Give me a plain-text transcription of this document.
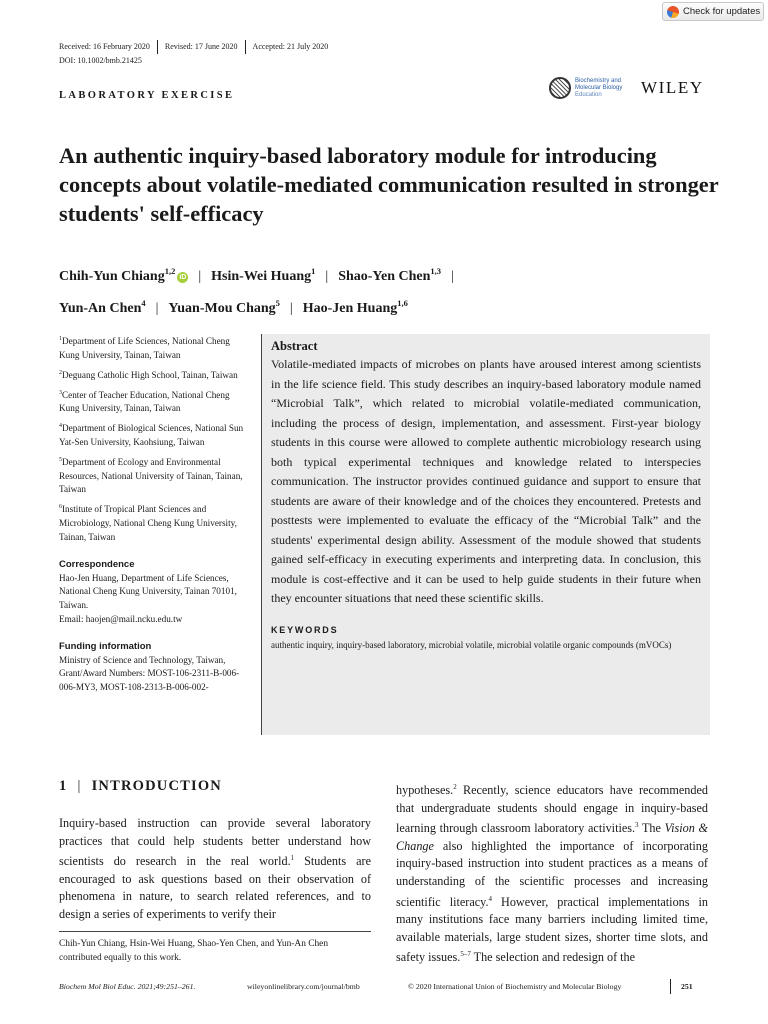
Check for updates
Received: 16 February 2020 Revised: 17 June 2020 Accepted: 21 July 2020
DOI: 10.1002/bmb.21425
LABORATORY EXERCISE
Biochemistry and
Molecular Biology
Education	WILEY
An authentic inquiry-based laboratory module for introducing concepts about volatile-mediated communication resulted in stronger students' self-efficacy
Chih-Yun Chiang$^{1,2}$iD | Hsin-Wei Huang$^1$ | Shao-Yen Chen$^{1,3}$ |
Yun-An Chen$^4$ | Yuan-Mou Chang$^5$ | Hao-Jen Huang$^{1,6}$
$^1$Department of Life Sciences, National Cheng Kung University, Tainan, Taiwan
$^2$Deguang Catholic High School, Tainan, Taiwan
$^3$Center of Teacher Education, National Cheng Kung University, Tainan, Taiwan
$^4$Department of Biological Sciences, National Sun Yat-Sen University, Kaohsiung, Taiwan
$^5$Department of Ecology and Environmental Resources, National University of Tainan, Tainan, Taiwan
$^6$Institute of Tropical Plant Sciences and Microbiology, National Cheng Kung University, Tainan, Taiwan
Correspondence
Hao-Jen Huang, Department of Life Sciences, National Cheng Kung University, Tainan 70101, Taiwan.
Email: haojen@mail.ncku.edu.tw
Funding information
Ministry of Science and Technology, Taiwan, Grant/Award Numbers: MOST-106-2311-B-006-006-MY3, MOST-108-2313-B-006-002-
Abstract

Volatile-mediated impacts of microbes on plants have aroused interest among scientists in the life science field. This study describes an inquiry-based laboratory module named “Microbial Talk”, which related to microbial volatile-mediated communication, including the process of design, implementation, and assessment. First-year biology students in this course were allowed to complete authentic microbiology research using both typical experimental techniques and knowledge related to interspecies communication. The instructor provides continued guidance and support to ensure that students are aware of their knowledge and of the choices they encountered. Pretests and posttests were implemented to evaluate the efficacy of the “Microbial Talk” and the students' experimental design ability. Assessment of the module showed that students gained self-efficacy in executing experiments and interpreting data. In conclusion, this module is cost-effective and it can be used to help guide students in their future when they encounter situations that need these scientific skills.

KEYWORDS
authentic inquiry, inquiry-based laboratory, microbial volatile, microbial volatile organic compounds (mVOCs)
1 | INTRODUCTION

Inquiry-based instruction can provide several laboratory practices that could help students better understand how scientists do research in the real world.$^1$ Students are encouraged to ask questions based on their observation of phenomena in nature, to search related references, and to design a series of experiments to verify their

hypotheses.$^2$ Recently, science educators have recommended that undergraduate students should engage in inquiry-based learning through classroom laboratory activities.$^3$ The Vision & Change also highlighted the importance of incorporating inquiry-based instruction into student practices as a means of understanding of the scientific processes and increasing scientific literacy.$^4$ However, practical implementations in many institutions face many barriers including limited time, available materials, large student sizes, shorter time slots, and safety issues.$^{5-7}$ The selection and redesign of the

Chih-Yun Chiang, Hsin-Wei Huang, Shao-Yen Chen, and Yun-An Chen contributed equally to this work.
Biochem Mol Biol Educ. 2021;49:251–261.	wileyonlinelibrary.com/journal/bmb	© 2020 International Union of Biochemistry and Molecular Biology	251
